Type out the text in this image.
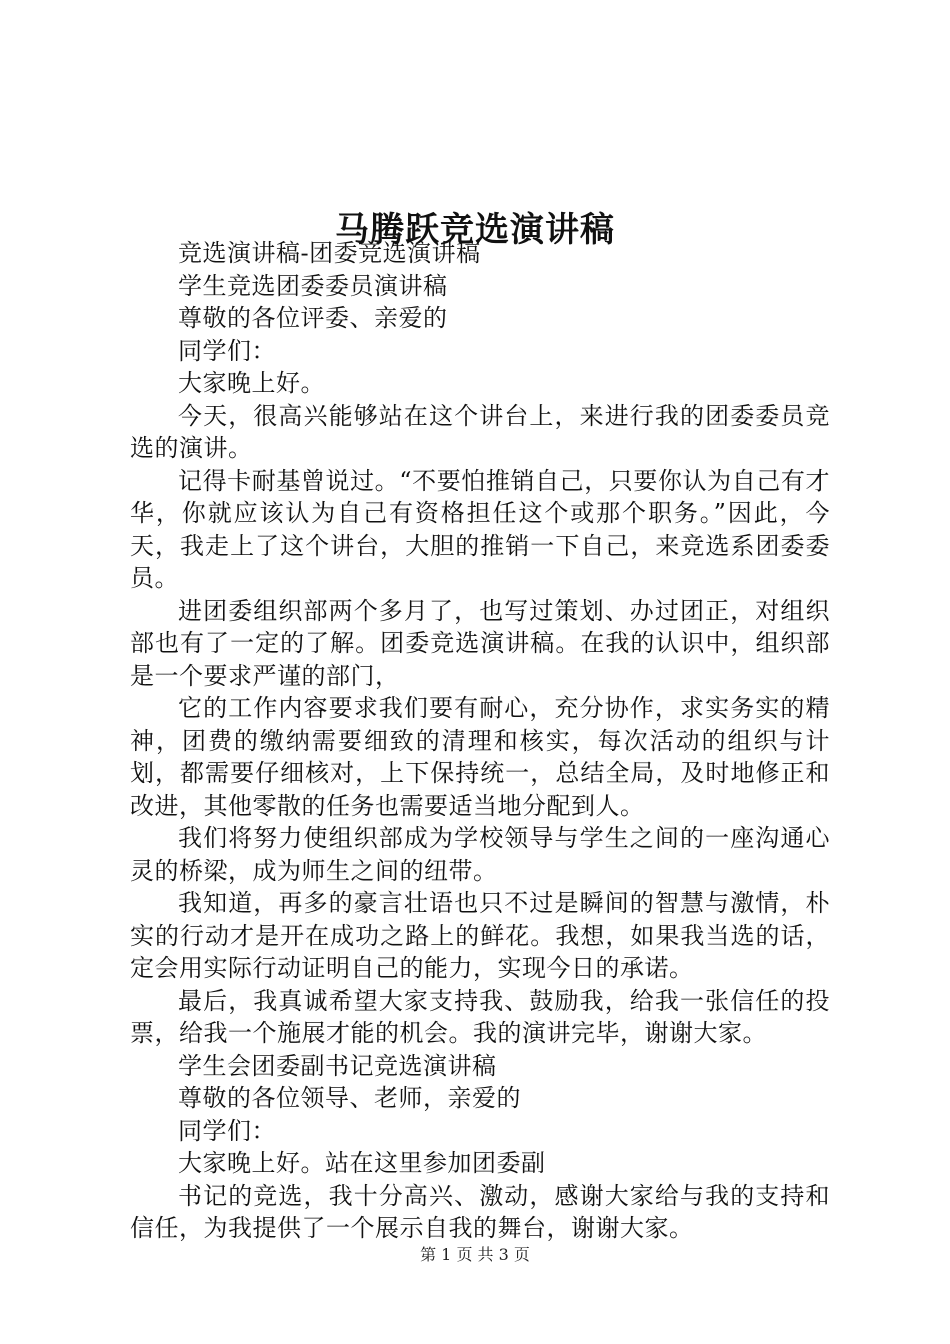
马腾跃竞选演讲稿

竞选演讲稿-团委竞选演讲稿

学生竞选团委委员演讲稿

尊敬的各位评委、亲爱的

同学们：

大家晚上好。

今天，很高兴能够站在这个讲台上，来进行我的团委委员竞选的演讲。

记得卡耐基曾说过。“不要怕推销自己，只要你认为自己有才华，你就应该认为自己有资格担任这个或那个职务。”因此，今天，我走上了这个讲台，大胆的推销一下自己，来竞选系团委委员。

进团委组织部两个多月了，也写过策划、办过团正，对组织部也有了一定的了解。团委竞选演讲稿。在我的认识中，组织部是一个要求严谨的部门，

它的工作内容要求我们要有耐心，充分协作，求实务实的精神，团费的缴纳需要细致的清理和核实，每次活动的组织与计划，都需要仔细核对，上下保持统一，总结全局，及时地修正和改进，其他零散的任务也需要适当地分配到人。

我们将努力使组织部成为学校领导与学生之间的一座沟通心灵的桥梁，成为师生之间的纽带。

我知道，再多的豪言壮语也只不过是瞬间的智慧与激情，朴实的行动才是开在成功之路上的鲜花。我想，如果我当选的话，定会用实际行动证明自己的能力，实现今日的承诺。

最后，我真诚希望大家支持我、鼓励我，给我一张信任的投票，给我一个施展才能的机会。我的演讲完毕，谢谢大家。

学生会团委副书记竞选演讲稿

尊敬的各位领导、老师，亲爱的

同学们：

大家晚上好。站在这里参加团委副

书记的竞选，我十分高兴、激动，感谢大家给与我的支持和信任，为我提供了一个展示自我的舞台，谢谢大家。

第 1 页 共 3 页
